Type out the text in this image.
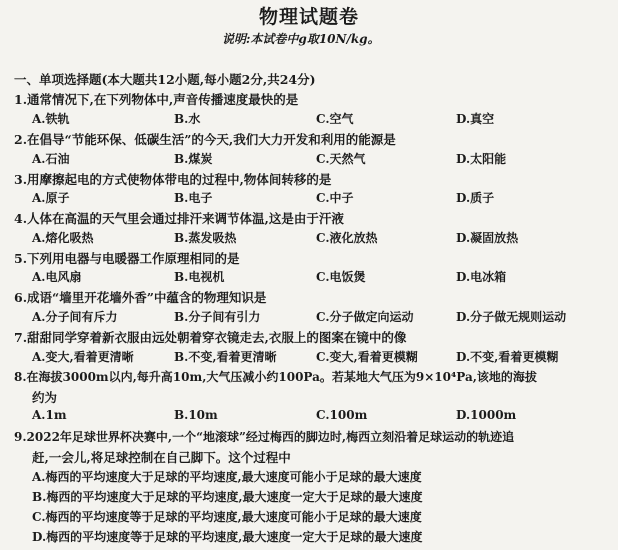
物理试题卷
说明:本试卷中g取10N/kg。
一、单项选择题(本大题共12小题,每小题2分,共24分)
1.通常情况下,在下列物体中,声音传播速度最快的是
A.铁轨	B.水	C.空气	D.真空
2.在倡导“节能环保、低碳生活”的今天,我们大力开发和利用的能源是
A.石油	B.煤炭	C.天然气	D.太阳能
3.用摩擦起电的方式使物体带电的过程中,物体间转移的是
A.原子	B.电子	C.中子	D.质子
4.人体在高温的天气里会通过排汗来调节体温,这是由于汗液
A.熔化吸热	B.蒸发吸热	C.液化放热	D.凝固放热
5.下列用电器与电暖器工作原理相同的是
A.电风扇	B.电视机	C.电饭煲	D.电冰箱
6.成语“墙里开花墙外香”中蕴含的物理知识是
A.分子间有斥力	B.分子间有引力	C.分子做定向运动	D.分子做无规则运动
7.甜甜同学穿着新衣服由远处朝着穿衣镜走去,衣服上的图案在镜中的像
A.变大,看着更清晰	B.不变,看着更清晰	C.变大,看着更模糊	D.不变,看着更模糊
8.在海拔3000m以内,每升高10m,大气压减小约100Pa。若某地大气压为9×10⁴Pa,该地的海拔
约为
A.1m	B.10m	C.100m	D.1000m
9.2022年足球世界杯决赛中,一个“地滚球”经过梅西的脚边时,梅西立刻沿着足球运动的轨迹追
赶,一会儿,将足球控制在自己脚下。这个过程中
A.梅西的平均速度大于足球的平均速度,最大速度可能小于足球的最大速度
B.梅西的平均速度大于足球的平均速度,最大速度一定大于足球的最大速度
C.梅西的平均速度等于足球的平均速度,最大速度可能小于足球的最大速度
D.梅西的平均速度等于足球的平均速度,最大速度一定大于足球的最大速度
